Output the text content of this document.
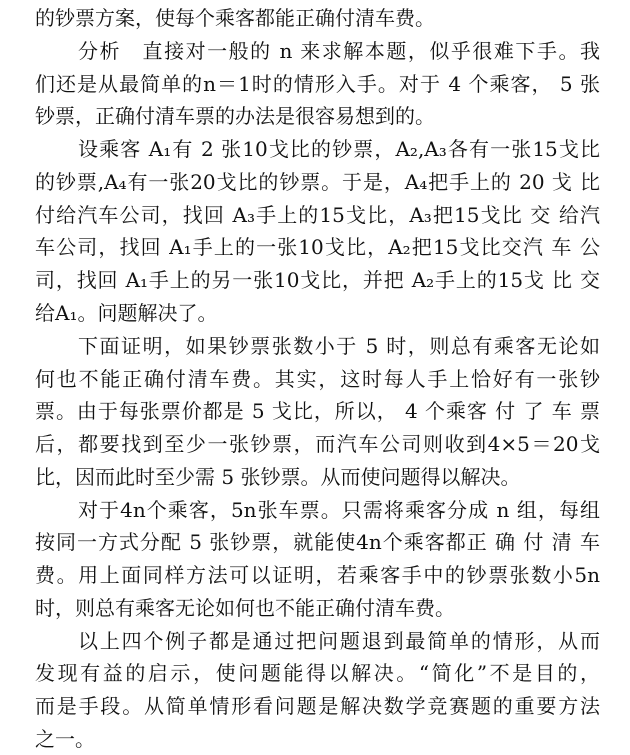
的钞票方案，使每个乘客都能正确付清车费。
分析　直接对一般的 n 来求解本题，似乎很难下手。我
们还是从最简单的n＝1时的情形入手。对于 4 个乘客， 5 张
钞票，正确付清车票的办法是很容易想到的。
设乘客 A₁有 2 张10戈比的钞票，A₂,A₃各有一张15戈比
的钞票,A₄有一张20戈比的钞票。于是，A₄把手上的 20 戈 比
付给汽车公司，找回 A₃手上的15戈比，A₃把15戈比 交 给汽
车公司，找回 A₁手上的一张10戈比，A₂把15戈比交汽 车 公
司，找回 A₁手上的另一张10戈比，并把 A₂手上的15戈 比 交
给A₁。问题解决了。
下面证明，如果钞票张数小于 5 时，则总有乘客无论如
何也不能正确付清车费。其实，这时每人手上恰好有一张钞
票。由于每张票价都是 5 戈比，所以， 4 个乘客 付 了 车 票
后，都要找到至少一张钞票，而汽车公司则收到4×5＝20戈
比，因而此时至少需 5 张钞票。从而使问题得以解决。
对于4n个乘客，5n张车票。只需将乘客分成 n 组，每组
按同一方式分配 5 张钞票，就能使4n个乘客都正 确 付 清 车
费。用上面同样方法可以证明，若乘客手中的钞票张数小5n
时，则总有乘客无论如何也不能正确付清车费。
以上四个例子都是通过把问题退到最简单的情形，从而
发现有益的启示，使问题能得以解决。“简化”不是目的，
而是手段。从简单情形看问题是解决数学竞赛题的重要方法
之一。
